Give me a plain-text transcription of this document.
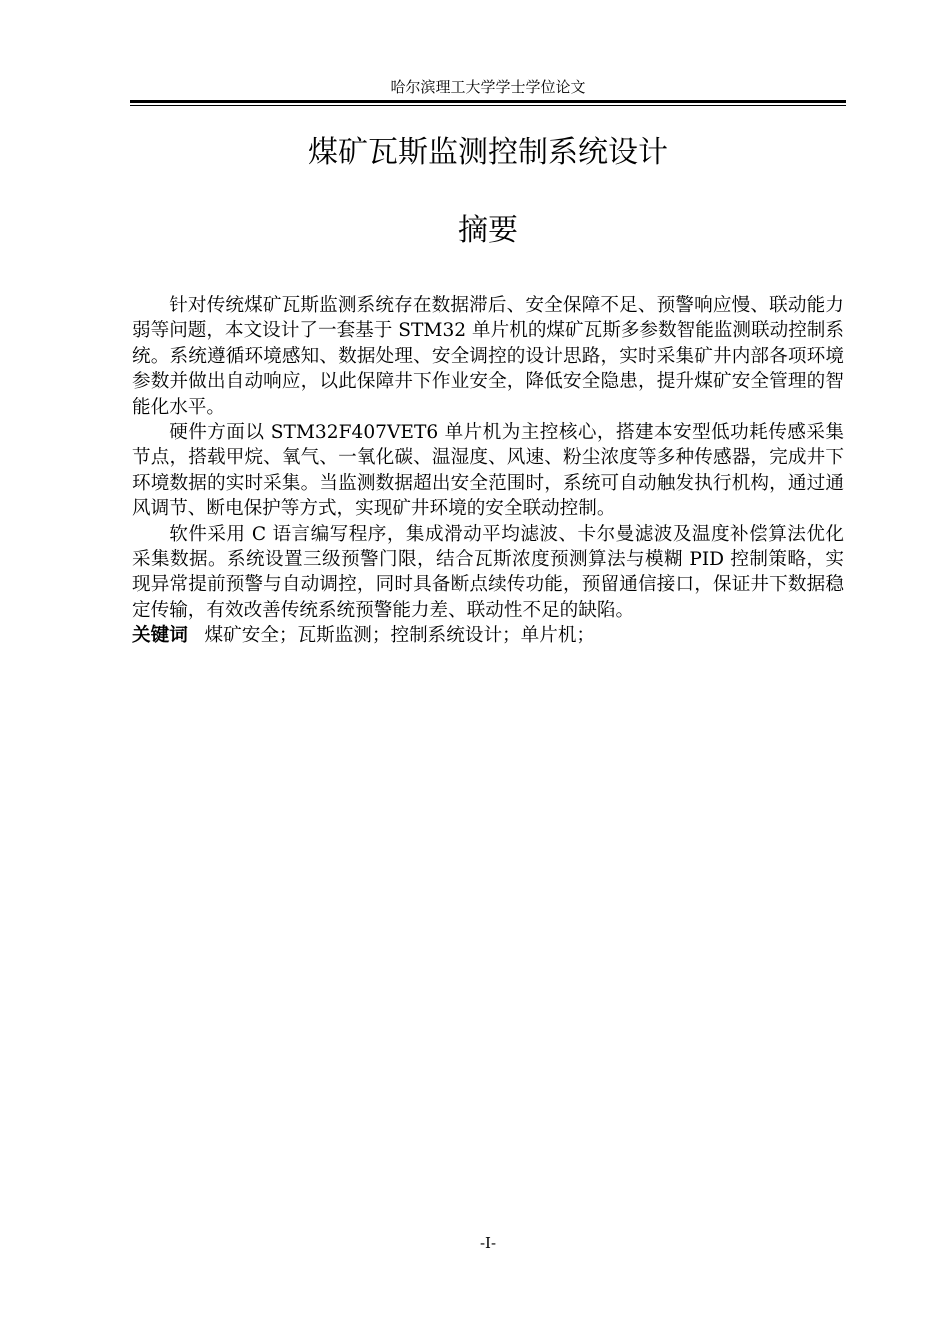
哈尔滨理工大学学士学位论文
煤矿瓦斯监测控制系统设计
摘要

针对传统煤矿瓦斯监测系统存在数据滞后、安全保障不足、预警响应慢、联动能力弱等问题，本文设计了一套基于 STM32 单片机的煤矿瓦斯多参数智能监测联动控制系统。系统遵循环境感知、数据处理、安全调控的设计思路，实时采集矿井内部各项环境参数并做出自动响应，以此保障井下作业安全，降低安全隐患，提升煤矿安全管理的智能化水平。

硬件方面以 STM32F407VET6 单片机为主控核心，搭建本安型低功耗传感采集节点，搭载甲烷、氧气、一氧化碳、温湿度、风速、粉尘浓度等多种传感器，完成井下环境数据的实时采集。当监测数据超出安全范围时，系统可自动触发执行机构，通过通风调节、断电保护等方式，实现矿井环境的安全联动控制。

软件采用 C 语言编写程序，集成滑动平均滤波、卡尔曼滤波及温度补偿算法优化采集数据。系统设置三级预警门限，结合瓦斯浓度预测算法与模糊 PID 控制策略，实现异常提前预警与自动调控，同时具备断点续传功能，预留通信接口，保证井下数据稳定传输，有效改善传统系统预警能力差、联动性不足的缺陷。

关键词 煤矿安全；瓦斯监测；控制系统设计；单片机；
-I-
